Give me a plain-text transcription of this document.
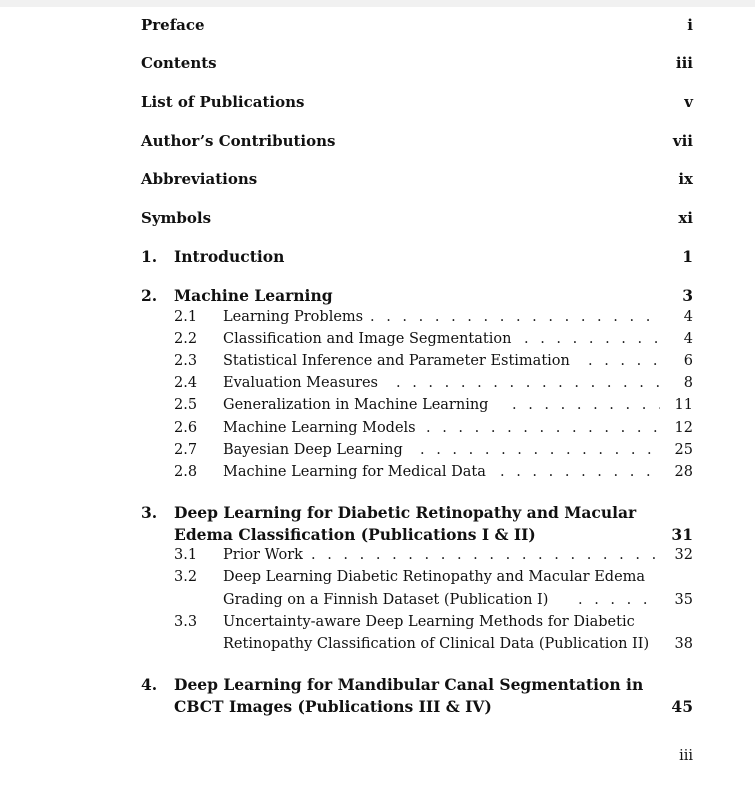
Preface	i
Contents	iii
List of Publications	v
Author’s Contributions	vii
Abbreviations	ix
Symbols	xi
1. Introduction	1
2. Machine Learning	3
2.1 Learning Problems . . .	4
2.2 Classification and Image Segmentation . . .	4
2.3 Statistical Inference and Parameter Estimation . . .	6
2.4 Evaluation Measures . . .	8
2.5 Generalization in Machine Learning . . .	11
2.6 Machine Learning Models . . .	12
2.7 Bayesian Deep Learning . . .	25
2.8 Machine Learning for Medical Data . . .	28
3. Deep Learning for Diabetic Retinopathy and Macular
Edema Classification (Publications I & II)	31
3.1 Prior Work . . .	32
3.2 Deep Learning Diabetic Retinopathy and Macular Edema
Grading on a Finnish Dataset (Publication I) . . .	35
3.3 Uncertainty-aware Deep Learning Methods for Diabetic
Retinopathy Classification of Clinical Data (Publication II) 38
4. Deep Learning for Mandibular Canal Segmentation in
CBCT Images (Publications III & IV)	45
iii
